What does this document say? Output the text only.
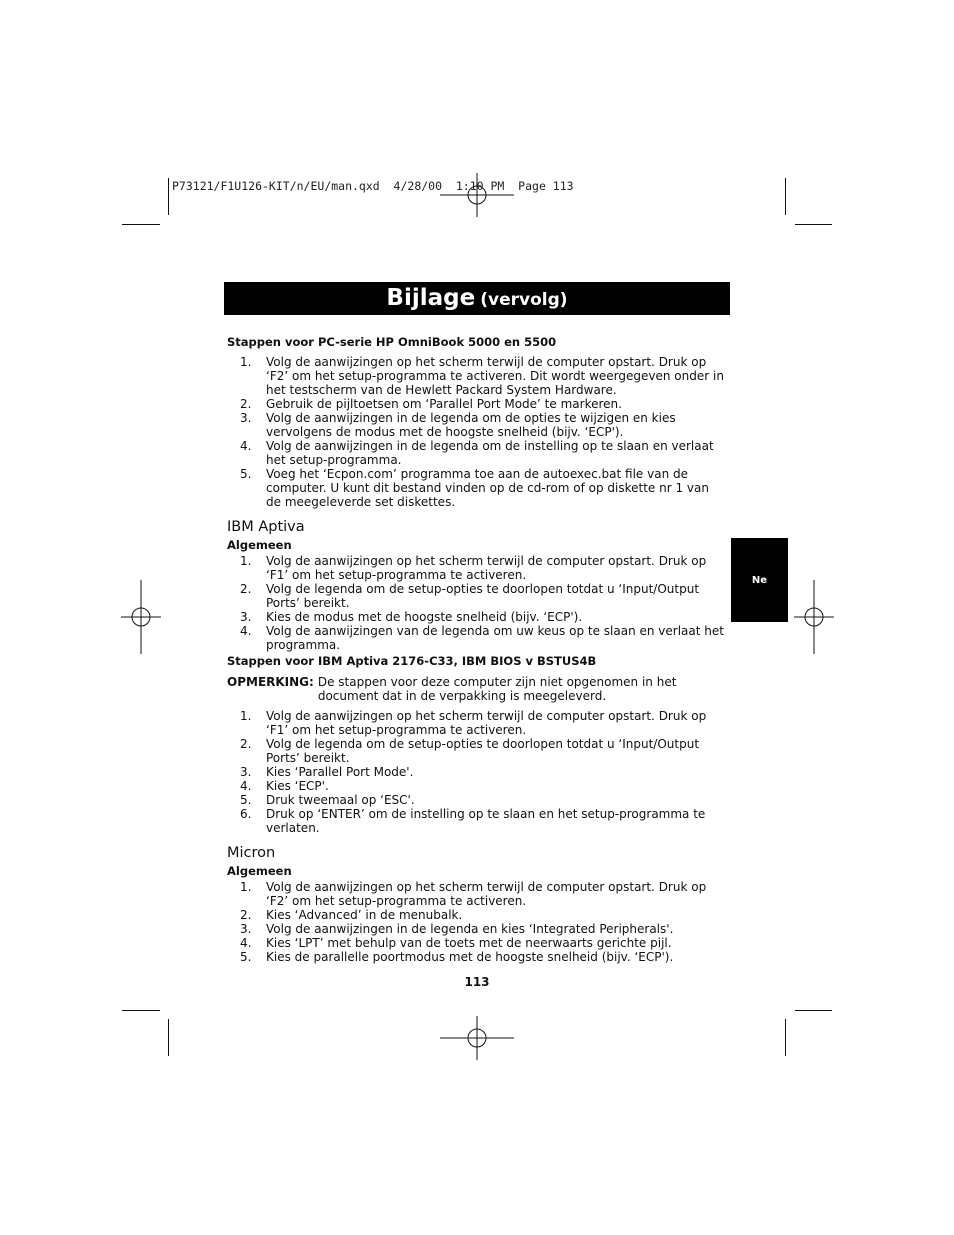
P73121/F1U126-KIT/n/EU/man.qxd  4/28/00  1:10 PM  Page 113
Bijlage (vervolg)
Ne

Stappen voor PC-serie HP OmniBook 5000 en 5500

1.	Volg de aanwijzingen op het scherm terwijl de computer opstart. Druk op ‘F2’ om het setup-programma te activeren. Dit wordt weergegeven onder in het testscherm van de Hewlett Packard System Hardware.
2.	Gebruik de pijltoetsen om ‘Parallel Port Mode’ te markeren.
3.	Volg de aanwijzingen in de legenda om de opties te wijzigen en kies vervolgens de modus met de hoogste snelheid (bijv. ‘ECP').
4.	Volg de aanwijzingen in de legenda om de instelling op te slaan en verlaat het setup-programma.
5.	Voeg het ‘Ecpon.com’ programma toe aan de autoexec.bat file van de computer. U kunt dit bestand vinden op de cd-rom of op diskette nr 1 van de meegeleverde set diskettes.
IBM Aptiva

Algemeen

1.	Volg de aanwijzingen op het scherm terwijl de computer opstart. Druk op ‘F1’ om het setup-programma te activeren.
2.	Volg de legenda om de setup-opties te doorlopen totdat u ‘Input/Output Ports’ bereikt.
3.	Kies de modus met de hoogste snelheid (bijv. ‘ECP').
4.	Volg de aanwijzingen van de legenda om uw keus op te slaan en verlaat het programma.

Stappen voor IBM Aptiva 2176-C33, IBM BIOS v BSTUS4B

OPMERKING: De stappen voor deze computer zijn niet opgenomen in het document dat in de verpakking is meegeleverd.
1.	Volg de aanwijzingen op het scherm terwijl de computer opstart. Druk op ‘F1’ om het setup-programma te activeren.
2.	Volg de legenda om de setup-opties te doorlopen totdat u ‘Input/Output Ports’ bereikt.
3.	Kies ‘Parallel Port Mode'.
4.	Kies ‘ECP'.
5.	Druk tweemaal op ‘ESC'.
6.	Druk op ‘ENTER’ om de instelling op te slaan en het setup-programma te verlaten.
Micron

Algemeen

1.	Volg de aanwijzingen op het scherm terwijl de computer opstart. Druk op ‘F2’ om het setup-programma te activeren.
2.	Kies ‘Advanced’ in de menubalk.
3.	Volg de aanwijzingen in de legenda en kies ‘Integrated Peripherals'.
4.	Kies ‘LPT’ met behulp van de toets met de neerwaarts gerichte pijl.
5.	Kies de parallelle poortmodus met de hoogste snelheid (bijv. ‘ECP').
113
